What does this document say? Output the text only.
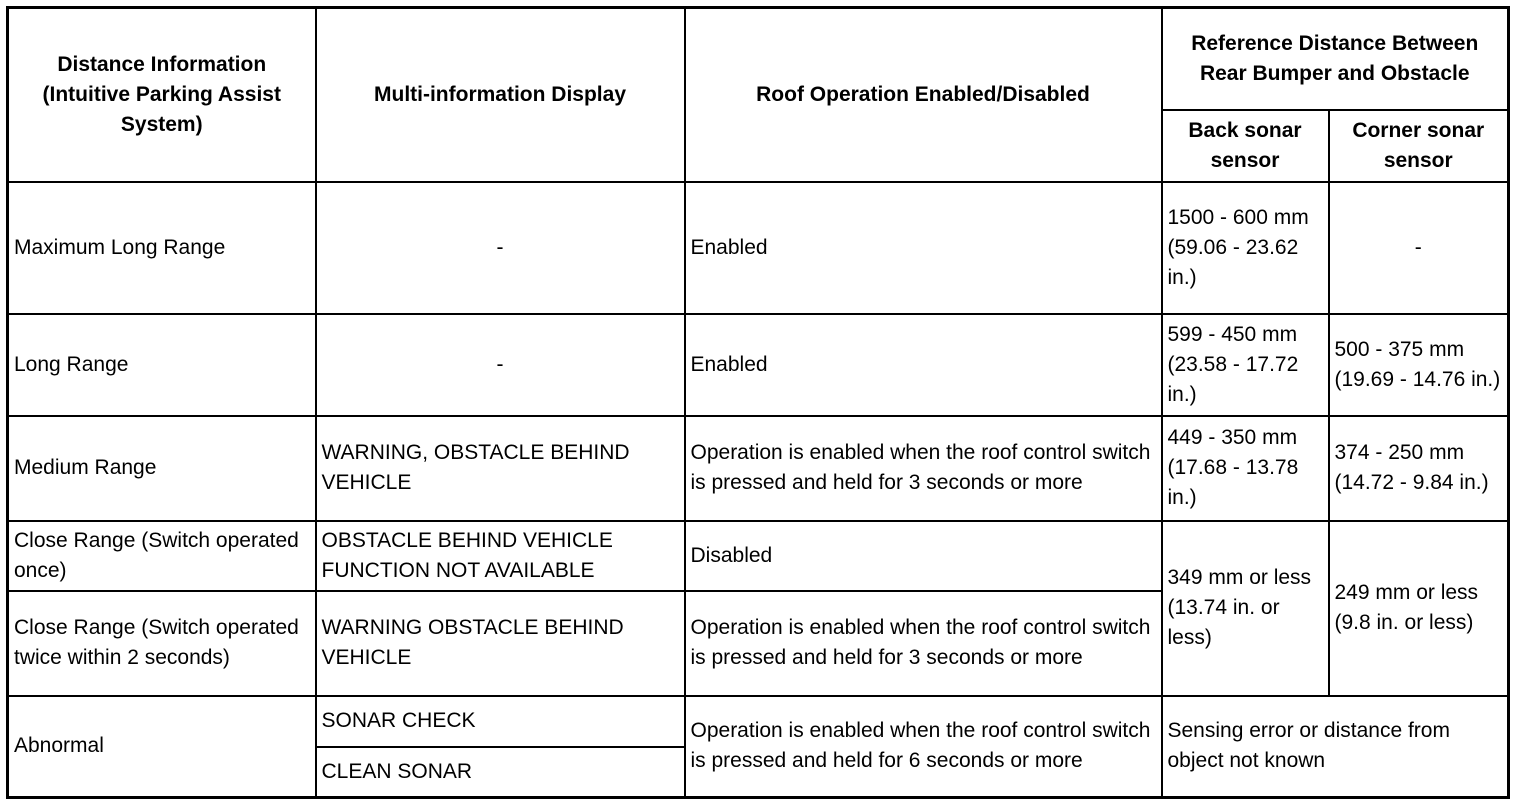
Distance Information (Intuitive Parking Assist System)	Multi-information Display	Roof Operation Enabled/Disabled	Reference Distance Between Rear Bumper and Obstacle	
			Back sonar sensor	Corner sonar sensor
Maximum Long Range	-	Enabled	1500 - 600 mm (59.06 - 23.62 in.)	-
Long Range	-	Enabled	599 - 450 mm (23.58 - 17.72 in.)	500 - 375 mm (19.69 - 14.76 in.)
Medium Range	WARNING, OBSTACLE BEHIND VEHICLE	Operation is enabled when the roof control switch is pressed and held for 3 seconds or more	449 - 350 mm (17.68 - 13.78 in.)	374 - 250 mm (14.72 - 9.84 in.)
Close Range (Switch operated once)	OBSTACLE BEHIND VEHICLE FUNCTION NOT AVAILABLE	Disabled	349 mm or less (13.74 in. or less)	249 mm or less (9.8 in. or less)
Close Range (Switch operated twice within 2 seconds)	WARNING OBSTACLE BEHIND VEHICLE	Operation is enabled when the roof control switch is pressed and held for 3 seconds or more		
Abnormal	SONAR CHECK	Operation is enabled when the roof control switch is pressed and held for 6 seconds or more	Sensing error or distance from object not known	
	CLEAN SONAR			
